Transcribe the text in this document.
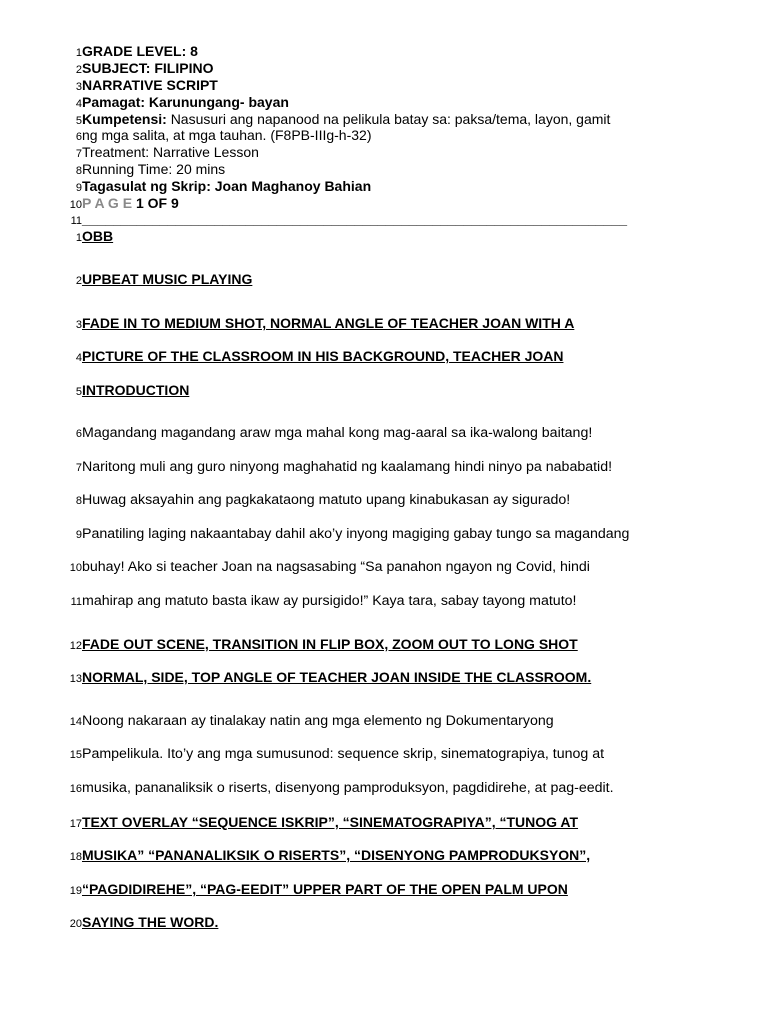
1GRADE LEVEL: 8
2SUBJECT: FILIPINO
3NARRATIVE SCRIPT
4Pamagat: Karunungang- bayan
5Kumpetensi: Nasusuri ang napanood na pelikula batay sa: paksa/tema, layon, gamit
6ng mga salita, at mga tauhan. (F8PB-IIIg-h-32)
7Treatment: Narrative Lesson
8Running Time: 20 mins
9Tagasulat ng Skrip: Joan Maghanoy Bahian
10P A G E 1 OF 9
11______________________________________________________________________
1OBB
2UPBEAT MUSIC PLAYING
3FADE IN TO MEDIUM SHOT, NORMAL ANGLE OF TEACHER JOAN WITH A
4PICTURE OF THE CLASSROOM IN HIS BACKGROUND, TEACHER JOAN
5INTRODUCTION
6Magandang magandang araw mga mahal kong mag-aaral sa ika-walong baitang!
7Naritong muli ang guro ninyong maghahatid ng kaalamang hindi ninyo pa nababatid!
8Huwag aksayahin ang pagkakataong matuto upang kinabukasan ay sigurado!
9Panatiling laging nakaantabay dahil ako’y inyong magiging gabay tungo sa magandang
10buhay! Ako si teacher Joan na nagsasabing “Sa panahon ngayon ng Covid, hindi
11mahirap ang matuto basta ikaw ay pursigido!” Kaya tara, sabay tayong matuto!
12FADE OUT SCENE, TRANSITION IN FLIP BOX, ZOOM OUT TO LONG SHOT
13NORMAL, SIDE, TOP ANGLE OF TEACHER JOAN INSIDE THE CLASSROOM.
14Noong nakaraan ay tinalakay natin ang mga elemento ng Dokumentaryong
15Pampelikula. Ito’y ang mga sumusunod: sequence skrip, sinematograpiya, tunog at
16musika, pananaliksik o riserts, disenyong pamproduksyon, pagdidirehe, at pag-eedit.
17TEXT OVERLAY “SEQUENCE ISKRIP”, “SINEMATOGRAPIYA”, “TUNOG AT
18MUSIKA” “PANANALIKSIK O RISERTS”, “DISENYONG PAMPRODUKSYON”,
19“PAGDIDIREHE”, “PAG-EEDIT” UPPER PART OF THE OPEN PALM UPON
20SAYING THE WORD.
